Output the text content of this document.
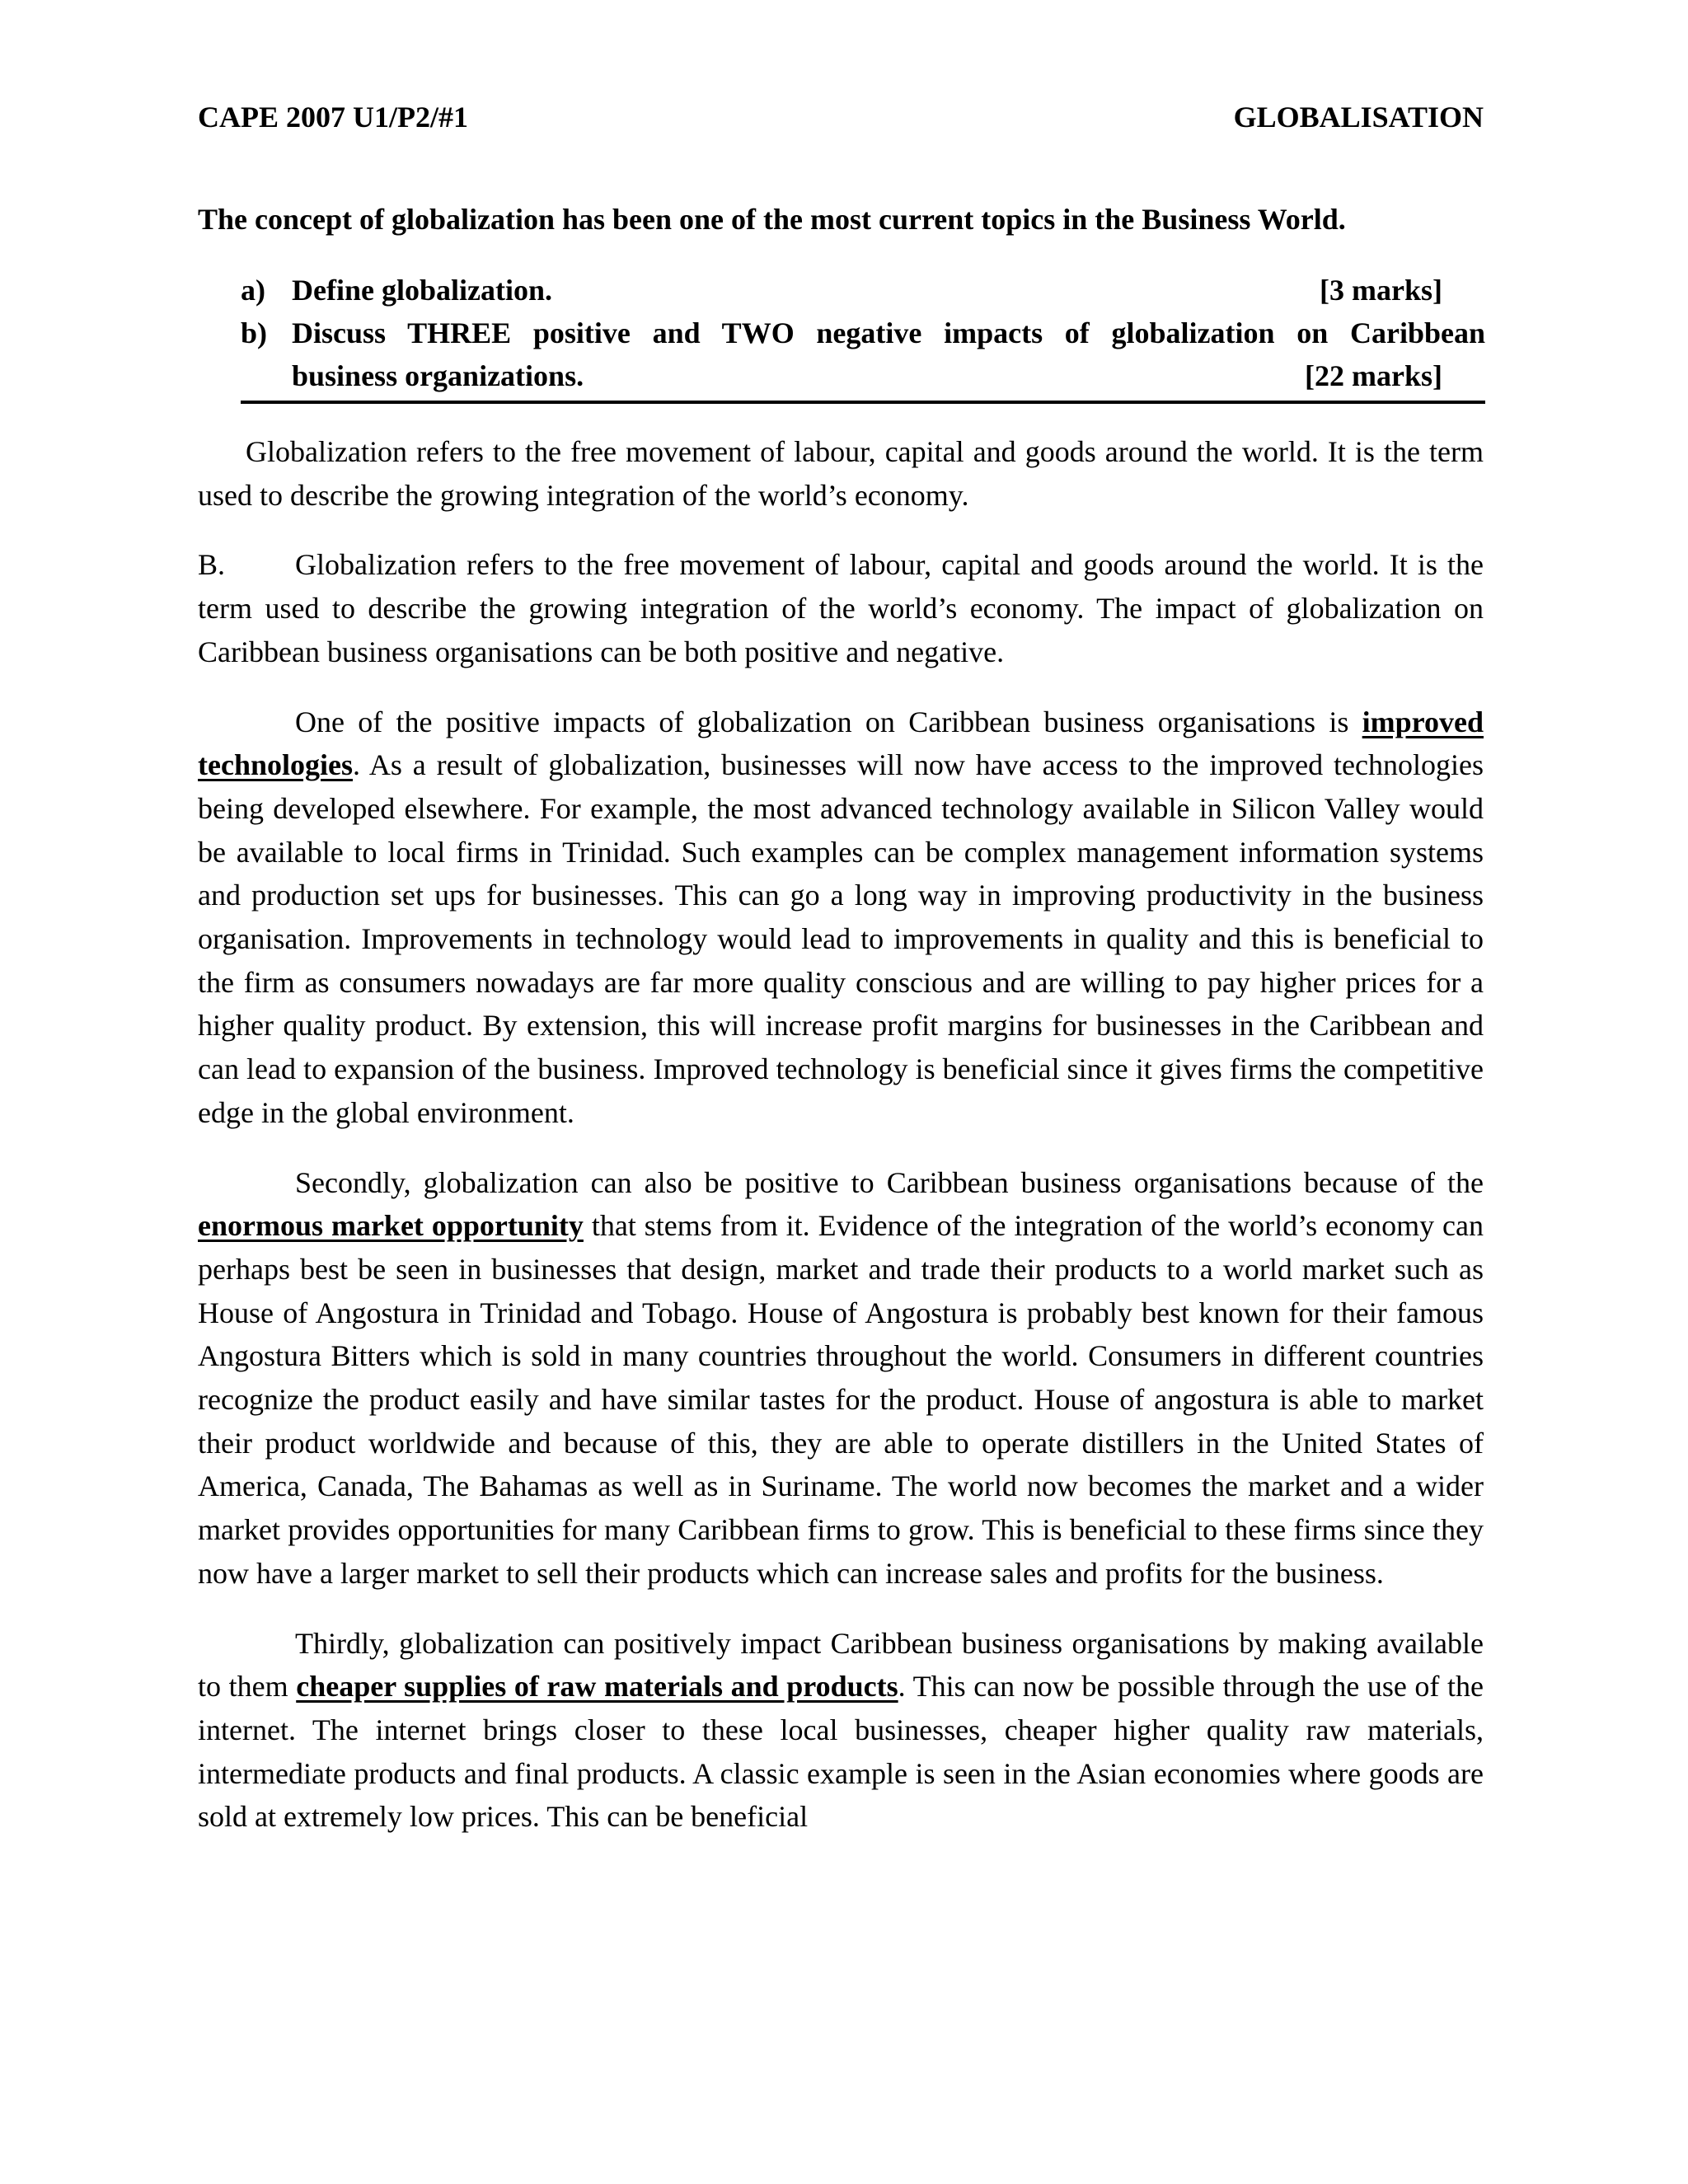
CAPE 2007 U1/P2/#1	GLOBALISATION
The concept of globalization has been one of the most current topics in the Business World.
a) Define globalization.	[3 marks]
b) Discuss THREE positive and TWO negative impacts of globalization on Caribbean
business organizations.	[22 marks]

Globalization refers to the free movement of labour, capital and goods around the world. It is the term used to describe the growing integration of the world’s economy.

B. Globalization refers to the free movement of labour, capital and goods around the world. It is the term used to describe the growing integration of the world’s economy. The impact of globalization on Caribbean business organisations can be both positive and negative.

One of the positive impacts of globalization on Caribbean business organisations is improved technologies. As a result of globalization, businesses will now have access to the improved technologies being developed elsewhere. For example, the most advanced technology available in Silicon Valley would be available to local firms in Trinidad. Such examples can be complex management information systems and production set ups for businesses. This can go a long way in improving productivity in the business organisation. Improvements in technology would lead to improvements in quality and this is beneficial to the firm as consumers nowadays are far more quality conscious and are willing to pay higher prices for a higher quality product. By extension, this will increase profit margins for businesses in the Caribbean and can lead to expansion of the business. Improved technology is beneficial since it gives firms the competitive edge in the global environment.

Secondly, globalization can also be positive to Caribbean business organisations because of the enormous market opportunity that stems from it. Evidence of the integration of the world’s economy can perhaps best be seen in businesses that design, market and trade their products to a world market such as House of Angostura in Trinidad and Tobago. House of Angostura is probably best known for their famous Angostura Bitters which is sold in many countries throughout the world. Consumers in different countries recognize the product easily and have similar tastes for the product. House of angostura is able to market their product worldwide and because of this, they are able to operate distillers in the United States of America, Canada, The Bahamas as well as in Suriname. The world now becomes the market and a wider market provides opportunities for many Caribbean firms to grow. This is beneficial to these firms since they now have a larger market to sell their products which can increase sales and profits for the business.

Thirdly, globalization can positively impact Caribbean business organisations by making available to them cheaper supplies of raw materials and products. This can now be possible through the use of the internet. The internet brings closer to these local businesses, cheaper higher quality raw materials, intermediate products and final products. A classic example is seen in the Asian economies where goods are sold at extremely low prices. This can be beneficial
